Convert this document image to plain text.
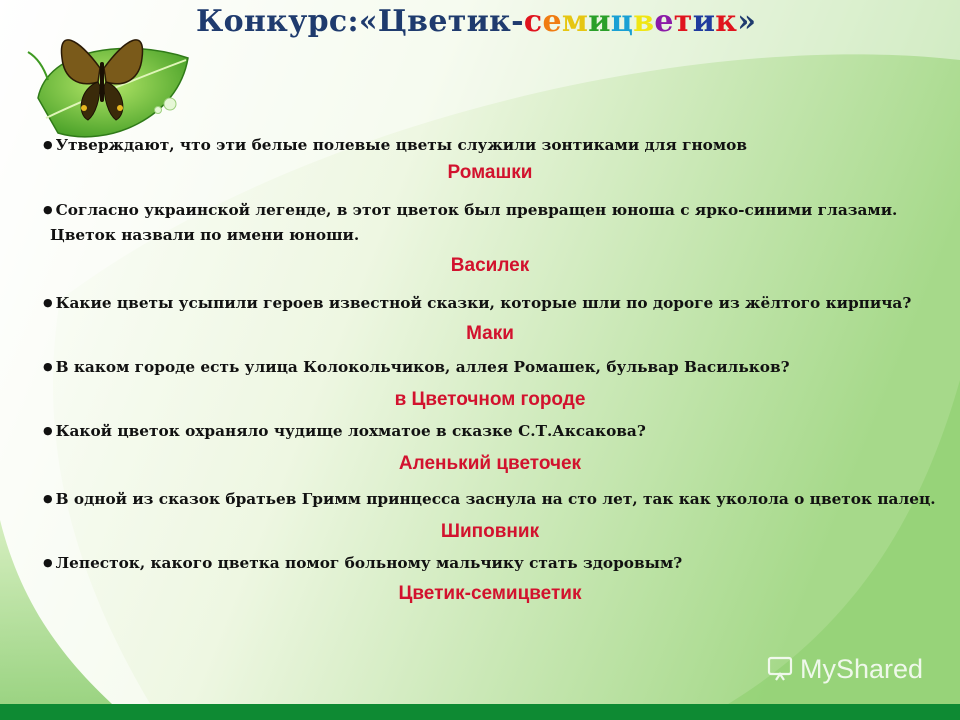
Конкурс:«Цветик-семицветик»

● Утверждают, что эти белые полевые цветы служили зонтиками для гномов

Ромашки

● Согласно украинской легенде, в этот цветок был превращен юноша с ярко-синими глазами. Цветок назвали по имени юноши.

Василек

● Какие цветы усыпили героев известной сказки, которые шли по дороге из жёлтого кирпича?

Маки

● В каком городе есть улица Колокольчиков, аллея Ромашек, бульвар Васильков?

в Цветочном городе

● Какой цветок охраняло чудище лохматое в сказке С.Т.Аксакова?

Аленький цветочек

● В одной из сказок братьев Гримм принцесса заснула на сто лет, так как уколола о цветок палец.

Шиповник

● Лепесток, какого цветка помог больному мальчику стать здоровым?

Цветик-семицветик

MyShared
